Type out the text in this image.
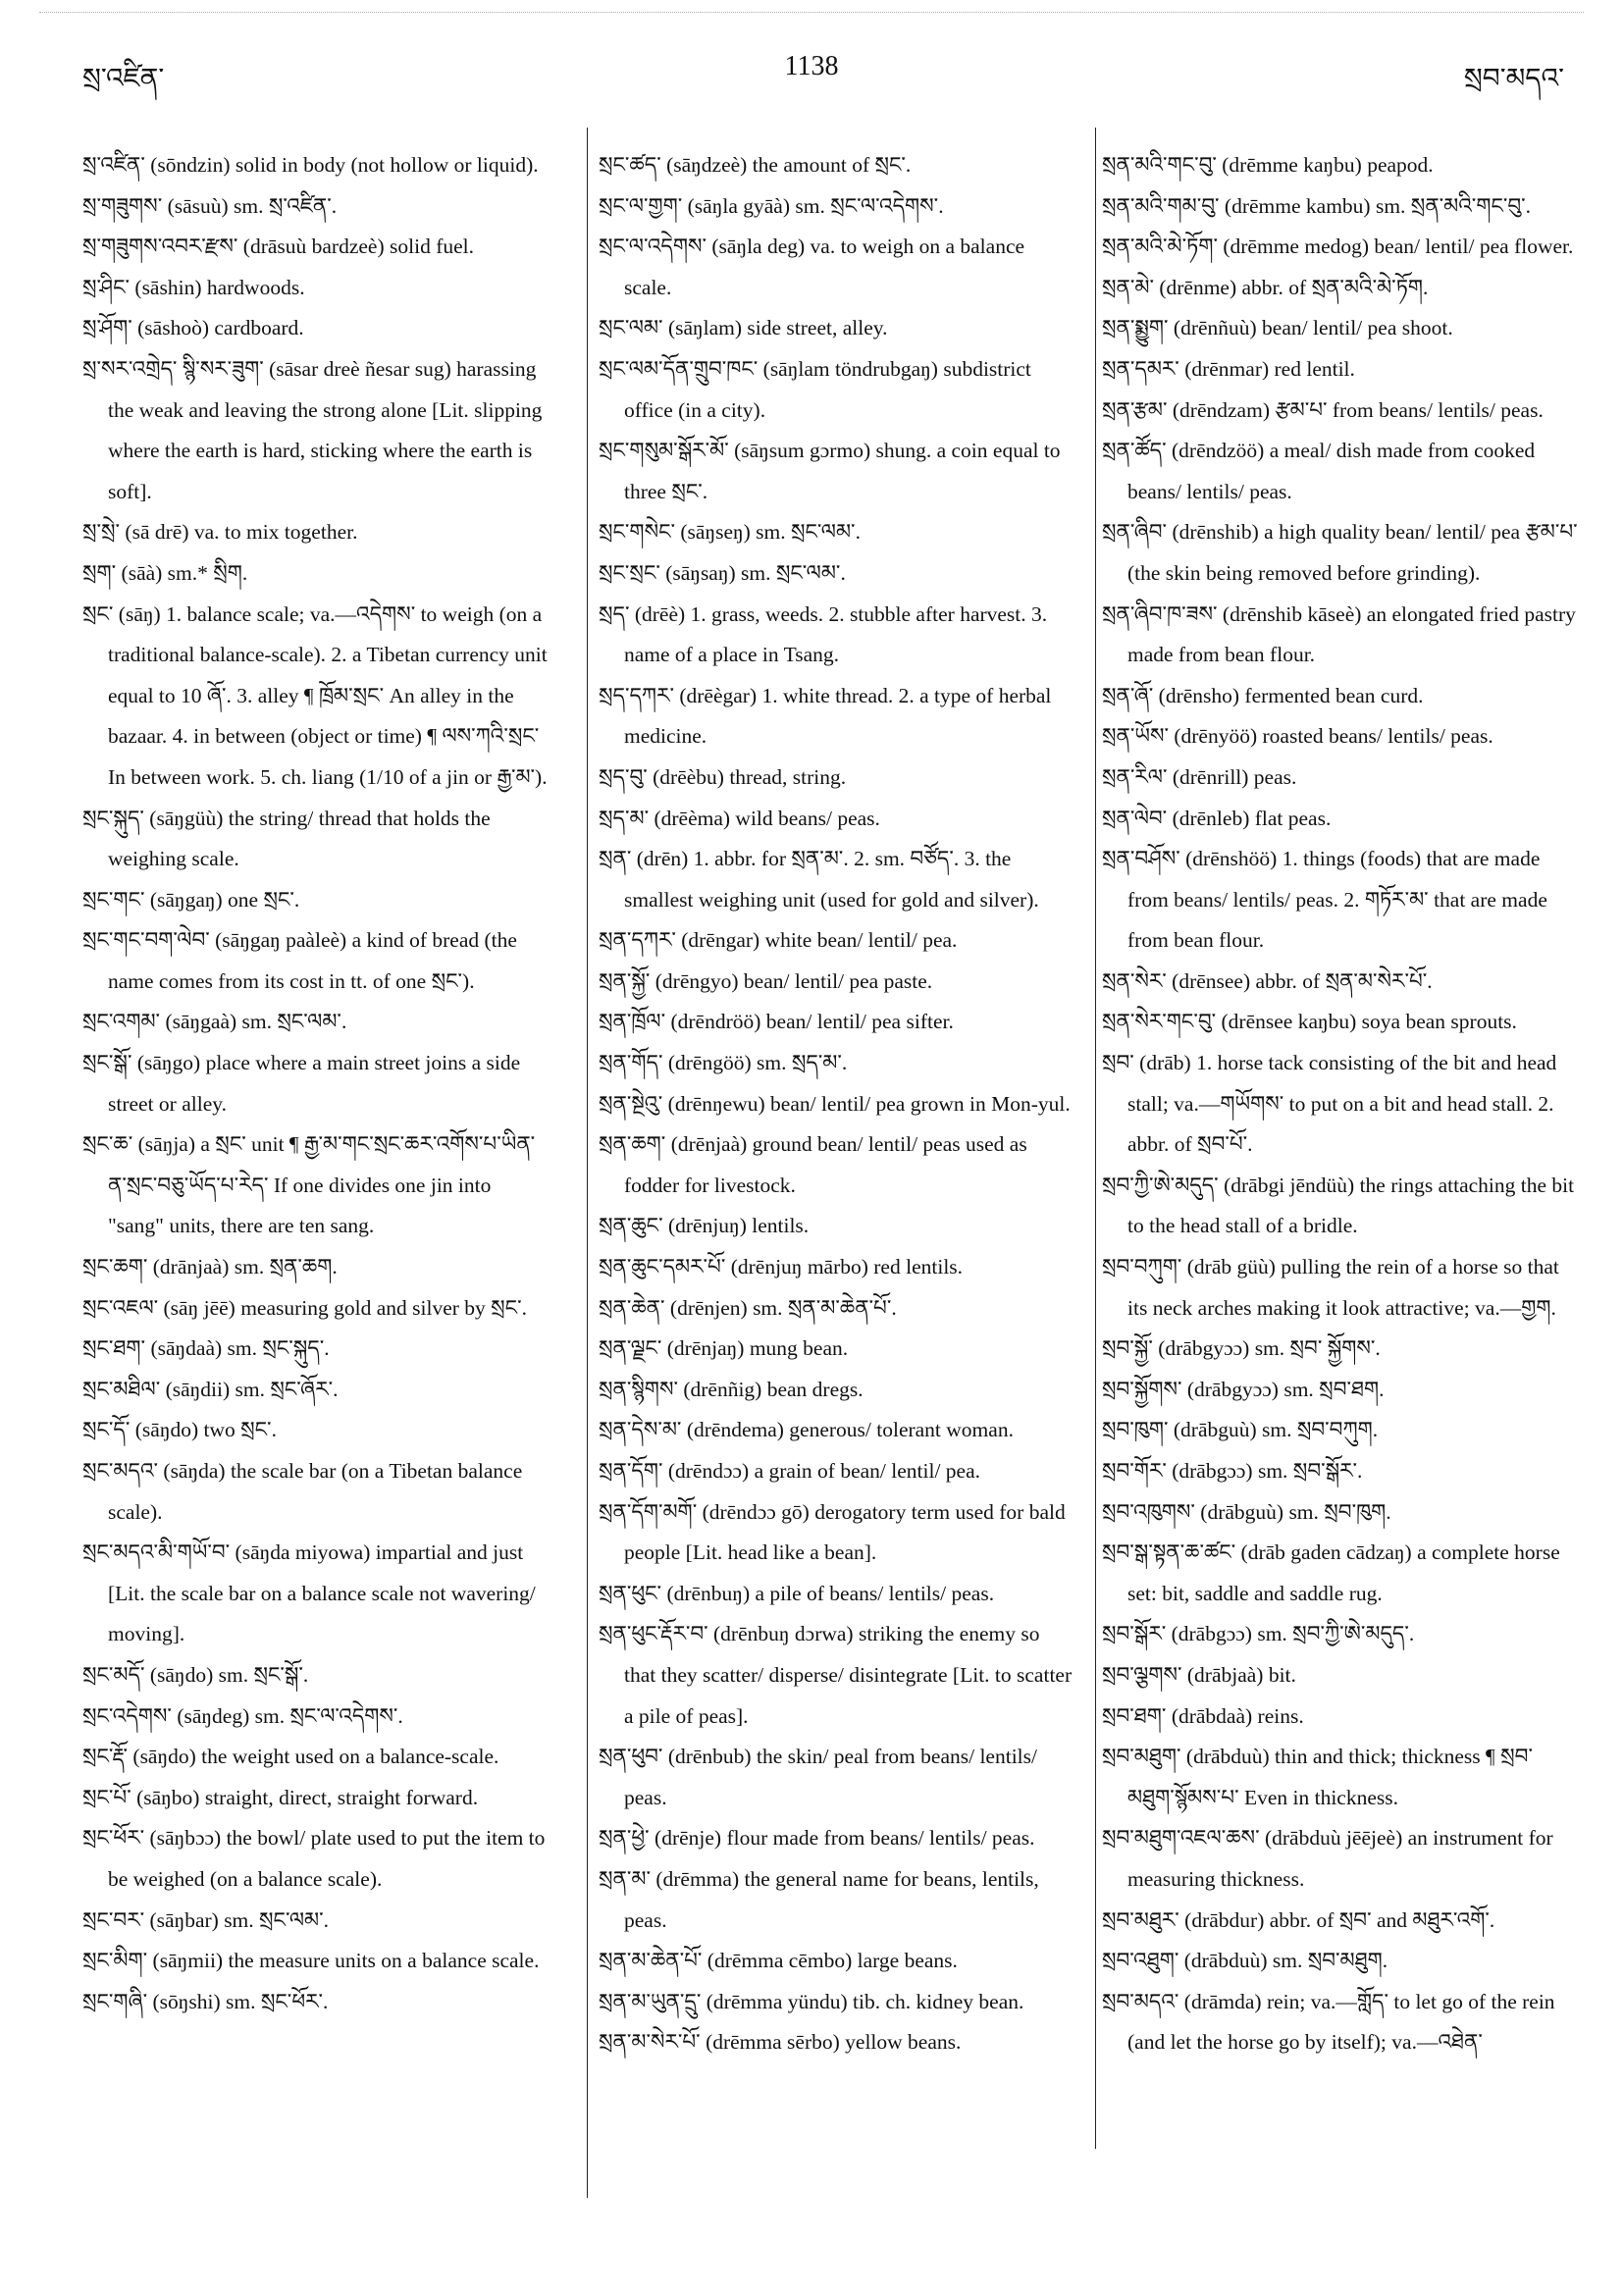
སྲ་འཛིན་	1138	སྲབ་མདའ་

སྲ་འཛིན་ (sōndzin) solid in body (not hollow or liquid).

སྲ་གཟུགས་ (sāsuù) sm. སྲ་འཛིན་.

སྲ་གཟུགས་འབར་རྫས་ (drāsuù bardzeè) solid fuel.

སྲ་ཤིང་ (sāshin) hardwoods.

སྲ་ཤོག་ (sāshoò) cardboard.

སྲ་སར་འགྲེད་ སྙི་སར་ཟུག་ (sāsar dreè ñesar sug) harassing the weak and leaving the strong alone [Lit. slipping where the earth is hard, sticking where the earth is soft].

སྲ་སྲེ་ (sā drē) va. to mix together.

སྲག་ (sāà) sm.* སྲིག.

སྲང་ (sāŋ) 1. balance scale; va.—འདེགས་ to weigh (on a traditional balance-scale). 2. a Tibetan currency unit equal to 10 ཞོ་. 3. alley ¶ ཁྲོམ་སྲང་ An alley in the bazaar. 4. in between (object or time) ¶ ལས་ཀའི་སྲང་ In between work. 5. ch. liang (1/10 of a jin or རྒྱ་མ་).

སྲང་སྐུད་ (sāŋgüù) the string/ thread that holds the weighing scale.

སྲང་གང་ (sāŋgaŋ) one སྲང་.

སྲང་གང་བག་ལེབ་ (sāŋgaŋ paàleè) a kind of bread (the name comes from its cost in tt. of one སྲང་).

སྲང་འགམ་ (sāŋgaà) sm. སྲང་ལམ་.

སྲང་སྒོ་ (sāŋgo) place where a main street joins a side street or alley.

སྲང་ཆ་ (sāŋja) a སྲང་ unit ¶ རྒྱ་མ་གང་སྲང་ཆར་འགོས་པ་ཡིན་ན་སྲང་བཅུ་ཡོད་པ་རེད་ If one divides one jin into "sang" units, there are ten sang.

སྲང་ཆག་ (drānjaà) sm. སྲན་ཆག.

སྲང་འཇལ་ (sāŋ jēē) measuring gold and silver by སྲང་.

སྲང་ཐག་ (sāŋdaà) sm. སྲང་སྐུད་.

སྲང་མཐིལ་ (sāŋdii) sm. སྲང་ཞོར་.

སྲང་དོ་ (sāŋdo) two སྲང་.

སྲང་མདའ་ (sāŋda) the scale bar (on a Tibetan balance scale).

སྲང་མདའ་མི་གཡོ་བ་ (sāŋda miyowa) impartial and just [Lit. the scale bar on a balance scale not wavering/ moving].

སྲང་མདོ་ (sāŋdo) sm. སྲང་སྒོ་.

སྲང་འདེགས་ (sāŋdeg) sm. སྲང་ལ་འདེགས་.

སྲང་རྡོ་ (sāŋdo) the weight used on a balance-scale.

སྲང་པོ་ (sāŋbo) straight, direct, straight forward.

སྲང་ཕོར་ (sāŋbɔɔ) the bowl/ plate used to put the item to be weighed (on a balance scale).

སྲང་བར་ (sāŋbar) sm. སྲང་ལམ་.

སྲང་མིག་ (sāŋmii) the measure units on a balance scale.

སྲང་གཞི་ (sōŋshi) sm. སྲང་ཕོར་.

སྲང་ཚད་ (sāŋdzeè) the amount of སྲང་.

སྲང་ལ་གྱག་ (sāŋla gyāà) sm. སྲང་ལ་འདེགས་.

སྲང་ལ་འདེགས་ (sāŋla deg) va. to weigh on a balance scale.

སྲང་ལམ་ (sāŋlam) side street, alley.

སྲང་ལམ་དོན་གྲུབ་ཁང་ (sāŋlam töndrubgaŋ) subdistrict office (in a city).

སྲང་གསུམ་སྒོར་མོ་ (sāŋsum gɔrmo) shung. a coin equal to three སྲང་.

སྲང་གསེང་ (sāŋseŋ) sm. སྲང་ལམ་.

སྲང་སྲང་ (sāŋsaŋ) sm. སྲང་ལམ་.

སྲད་ (drēè) 1. grass, weeds. 2. stubble after harvest. 3. name of a place in Tsang.

སྲད་དཀར་ (drēègar) 1. white thread. 2. a type of herbal medicine.

སྲད་བུ་ (drēèbu) thread, string.

སྲད་མ་ (drēèma) wild beans/ peas.

སྲན་ (drēn) 1. abbr. for སྲན་མ་. 2. sm. བཙོད་. 3. the smallest weighing unit (used for gold and silver).

སྲན་དཀར་ (drēngar) white bean/ lentil/ pea.

སྲན་སྐྱོ་ (drēngyo) bean/ lentil/ pea paste.

སྲན་ཁྲོལ་ (drēndröö) bean/ lentil/ pea sifter.

སྲན་གོད་ (drēngöö) sm. སྲད་མ་.

སྲན་སྔེའུ་ (drēnŋewu) bean/ lentil/ pea grown in Mon-yul.

སྲན་ཆག་ (drēnjaà) ground bean/ lentil/ peas used as fodder for livestock.

སྲན་ཆུང་ (drēnjuŋ) lentils.

སྲན་ཆུང་དམར་པོ་ (drēnjuŋ mārbo) red lentils.

སྲན་ཆེན་ (drēnjen) sm. སྲན་མ་ཆེན་པོ་.

སྲན་ལྗང་ (drēnjaŋ) mung bean.

སྲན་སྙིགས་ (drēnñig) bean dregs.

སྲན་དེས་མ་ (drēndema) generous/ tolerant woman.

སྲན་དོག་ (drēndɔɔ) a grain of bean/ lentil/ pea.

སྲན་དོག་མགོ་ (drēndɔɔ gō) derogatory term used for bald people [Lit. head like a bean].

སྲན་ཕུང་ (drēnbuŋ) a pile of beans/ lentils/ peas.

སྲན་ཕུང་རྡོར་བ་ (drēnbuŋ dɔrwa) striking the enemy so that they scatter/ disperse/ disintegrate [Lit. to scatter a pile of peas].

སྲན་ཕུབ་ (drēnbub) the skin/ peal from beans/ lentils/ peas.

སྲན་ཕྱེ་ (drēnje) flour made from beans/ lentils/ peas.

སྲན་མ་ (drēmma) the general name for beans, lentils, peas.

སྲན་མ་ཆེན་པོ་ (drēmma cēmbo) large beans.

སྲན་མ་ཡུན་དྲུ་ (drēmma yündu) tib. ch. kidney bean.

སྲན་མ་སེར་པོ་ (drēmma sērbo) yellow beans.

སྲན་མའི་གང་བུ་ (drēmme kaŋbu) peapod.

སྲན་མའི་གམ་བུ་ (drēmme kambu) sm. སྲན་མའི་གང་བུ་.

སྲན་མའི་མེ་ཏོག་ (drēmme medog) bean/ lentil/ pea flower.

སྲན་མེ་ (drēnme) abbr. of སྲན་མའི་མེ་ཏོག.

སྲན་སྨྱུག་ (drēnñuù) bean/ lentil/ pea shoot.

སྲན་དམར་ (drēnmar) red lentil.

སྲན་རྩམ་ (drēndzam) རྩམ་པ་ from beans/ lentils/ peas.

སྲན་ཚོད་ (drēndzöö) a meal/ dish made from cooked beans/ lentils/ peas.

སྲན་ཞིབ་ (drēnshib) a high quality bean/ lentil/ pea རྩམ་པ་ (the skin being removed before grinding).

སྲན་ཞིབ་ཁ་ཟས་ (drēnshib kāseè) an elongated fried pastry made from bean flour.

སྲན་ཞོ་ (drēnsho) fermented bean curd.

སྲན་ཡོས་ (drēnyöö) roasted beans/ lentils/ peas.

སྲན་རིལ་ (drēnrill) peas.

སྲན་ལེབ་ (drēnleb) flat peas.

སྲན་བཤོས་ (drēnshöö) 1. things (foods) that are made from beans/ lentils/ peas. 2. གཏོར་མ་ that are made from bean flour.

སྲན་སེར་ (drēnsee) abbr. of སྲན་མ་སེར་པོ་.

སྲན་སེར་གང་བུ་ (drēnsee kaŋbu) soya bean sprouts.

སྲབ་ (drāb) 1. horse tack consisting of the bit and head stall; va.—གཡོགས་ to put on a bit and head stall. 2. abbr. of སྲབ་པོ་.

སྲབ་ཀྱི་ཨེ་མདུད་ (drābgi jēndüù) the rings attaching the bit to the head stall of a bridle.

སྲབ་བཀུག་ (drāb güù) pulling the rein of a horse so that its neck arches making it look attractive; va.—གྱག.

སྲབ་སྐྱོ་ (drābgyɔɔ) sm. སྲབ་ སྐྱོགས་.

སྲབ་སྐྱོགས་ (drābgyɔɔ) sm. སྲབ་ཐག.

སྲབ་ཁུག་ (drābguù) sm. སྲབ་བཀུག.

སྲབ་གོར་ (drābgɔɔ) sm. སྲབ་སྒོར་.

སྲབ་འཁུགས་ (drābguù) sm. སྲབ་ཁུག.

སྲབ་སྒ་སྟན་ཆ་ཚང་ (drāb gaden cādzaŋ) a complete horse set: bit, saddle and saddle rug.

སྲབ་སྒོར་ (drābgɔɔ) sm. སྲབ་ཀྱི་ཨེ་མདུད་.

སྲབ་ལྕགས་ (drābjaà) bit.

སྲབ་ཐག་ (drābdaà) reins.

སྲབ་མཐུག་ (drābduù) thin and thick; thickness ¶ སྲབ་མཐུག་སྙོམས་པ་ Even in thickness.

སྲབ་མཐུག་འཇལ་ཆས་ (drābduù jēējeè) an instrument for measuring thickness.

སྲབ་མཐུར་ (drābdur) abbr. of སྲབ་ and མཐུར་འགོ་.

སྲབ་འཐུག་ (drābduù) sm. སྲབ་མཐུག.

སྲབ་མདའ་ (drāmda) rein; va.—གློད་ to let go of the rein (and let the horse go by itself); va.—འཐེན་
